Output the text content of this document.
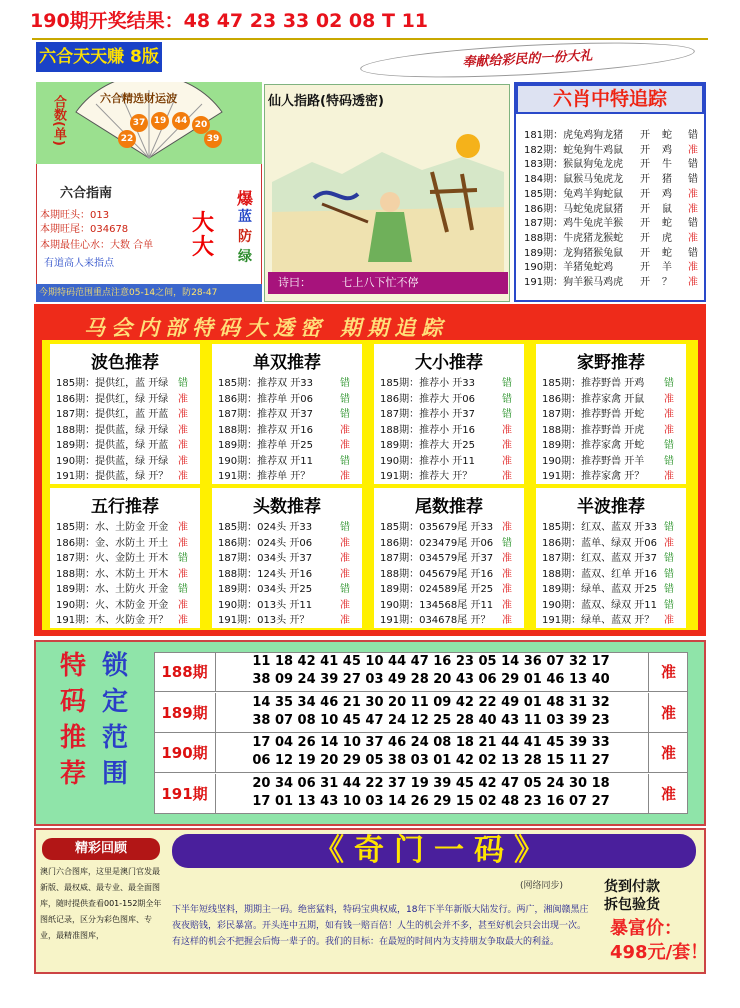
190期开奖结果：48 47 23 33 02 08 T 11
六合天天赚 8版	奉献给彩民的一份大礼
合数(单)	六合精选财运波
37 19 44 20
22	39
六合指南
本期旺头：013
本期旺尾：034678
本期最佳心水：大数 合单
有道高人来指点
爆
大
大
蓝
防
绿
今期特码范围重点注意05-14之间，防28-47
仙人指路(特码透密)
诗曰：	七上八下忙不停
六肖中特追踪
181期：虎兔鸡狗龙猪 开 蛇 错
182期：蛇兔狗牛鸡鼠 开 鸡 准
183期：猴鼠狗兔龙虎 开 牛 错
184期：鼠猴马兔虎龙 开 猪 错
185期：兔鸡羊狗蛇鼠 开 鸡 准
186期：马蛇兔虎鼠猪 开 鼠 准
187期：鸡牛兔虎羊猴 开 蛇 错
188期：牛虎猪龙猴蛇 开 虎 准
189期：龙狗猪猴兔鼠 开 蛇 错
190期：羊猪兔蛇鸡	开 羊 准
191期：狗羊猴马鸡虎 开 ？ 准
马会内部特码大透密 期期追踪
波色推荐
185期：提供红，蓝 开绿 错
186期：提供红，绿 开绿 准
187期：提供红，蓝 开蓝 准
188期：提供蓝，绿 开绿 准
189期：提供蓝，绿 开蓝 准
190期：提供蓝，绿 开绿 准
191期：提供蓝，绿 开？ 准
单双推荐
185期：推荐双 开33	错
186期：推荐单 开06	错
187期：推荐双 开37	错
188期：推荐双 开16	准
189期：推荐单 开25	准
190期：推荐双 开11	错
191期：推荐单 开？	准
大小推荐
185期：推荐小 开33	错
186期：推荐大 开06	错
187期：推荐小 开37	错
188期：推荐小 开16	准
189期：推荐大 开25	准
190期：推荐小 开11	准
191期：推荐大 开？	准
家野推荐
185期：推荐野兽 开鸡 错
186期：推荐家禽 开鼠 准
187期：推荐野兽 开蛇 准
188期：推荐野兽 开虎 准
189期：推荐家禽 开蛇 错
190期：推荐野兽 开羊 错
191期：推荐家禽 开？ 准
五行推荐
185期：水、土防金 开金 准
186期：金、水防土 开土 准
187期：火、金防土 开木 错
188期：水、木防土 开木 准
189期：水、土防火 开金 错
190期：火、木防金 开金 准
191期：木、火防金 开？ 准
头数推荐
185期：024头 开33	错
186期：024头 开06	准
187期：034头 开37	准
188期：124头 开16	准
189期：034头 开25	错
190期：013头 开11	准
191期：013头 开？	准
尾数推荐
185期：035679尾 开33 准
186期：023479尾 开06 错
187期：034579尾 开37 准
188期：045679尾 开16 准
189期：024589尾 开25 准
190期：134568尾 开11 准
191期：034678尾 开？ 准
半波推荐
185期：红双、蓝双 开33 错
186期：蓝单、绿双 开06 准
187期：红双、蓝双 开37 错
188期：蓝双、红单 开16 错
189期：绿单、蓝双 开25 错
190期：蓝双、绿双 开11 错
191期：绿单、蓝双 开？ 准
特
码
推
荐
锁
定
范
围
188期
11 18 42 41 45 10 44 47 16 23 05 14 36 07 32 17
38 09 24 39 27 03 49 28 20 43 06 29 01 46 13 40	准
189期
14 35 34 46 21 30 20 11 09 42 22 49 01 48 31 32
38 07 08 10 45 47 24 12 25 28 40 43 11 03 39 23	准
190期
17 04 26 14 10 37 46 24 08 18 21 44 41 45 39 33
06 12 19 20 29 05 38 03 01 42 02 13 28 15 11 27	准
191期
20 34 06 31 44 22 37 19 39 45 42 47 05 24 30 18
17 01 13 43 10 03 14 26 29 15 02 48 23 16 07 27	准
精彩回顾
澳门六合图库，这里是澳门官发最新版、最权威、最专业、最全面图库，随时提供查看001-152期全年图纸记录，区分为彩色图库、专业，最精准图库，
《奇门一码》
(网络同步)
下半年短线坚料，期期主一码。绝密猛料，特码宝典权威，18年下半年新版大陆发行。两广，湘闽赣黑庄夜夜赔钱，彩民暴富。开头连中五期，如有钱一赔百倍！人生的机会并不多，甚至好机会只会出现一次。有这样的机会不把握会后悔一辈子的。我们的目标：在最短的时间内为支持朋友争取最大的利益。
货到付款
拆包验货
暴富价：
498元/套！
